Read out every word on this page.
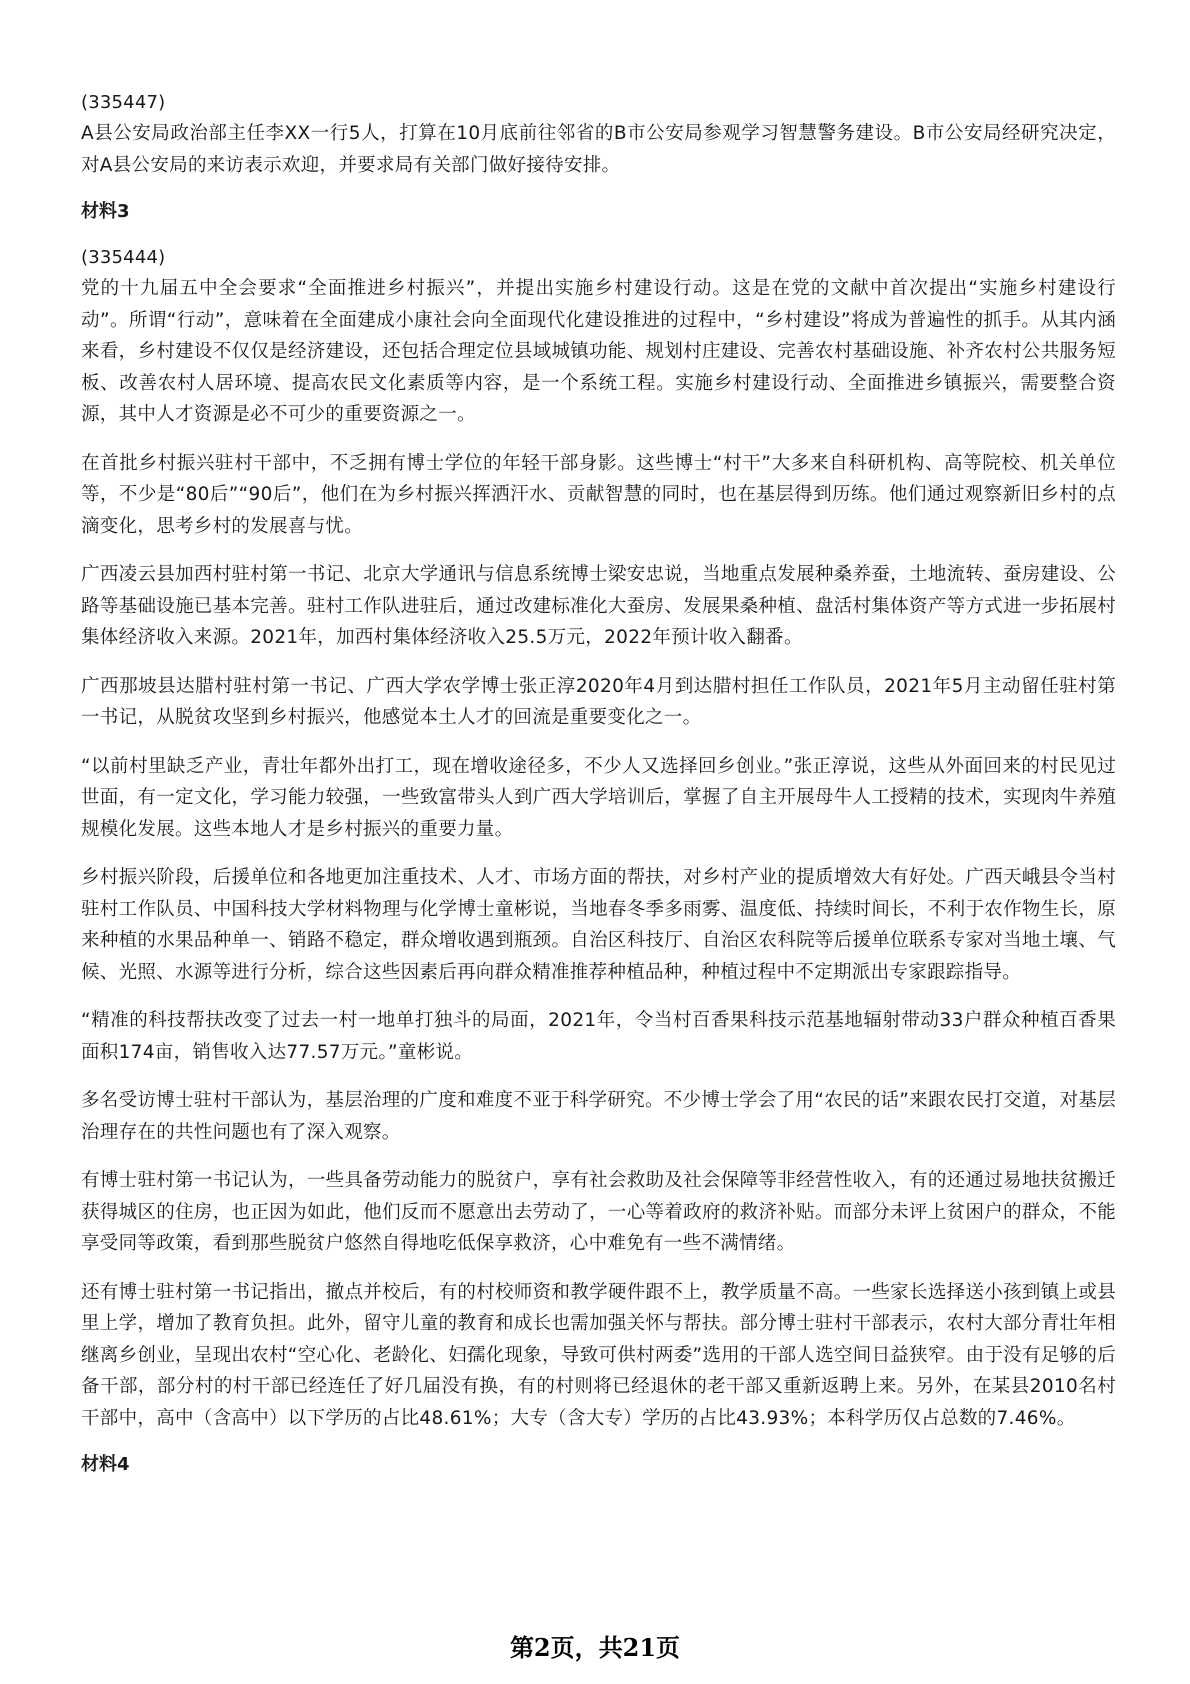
(335447)

A县公安局政治部主任李XX一行5人，打算在10月底前往邻省的B市公安局参观学习智慧警务建设。B市公安局经研究决定，对A县公安局的来访表示欢迎，并要求局有关部门做好接待安排。

材料3

(335444)

党的十九届五中全会要求“全面推进乡村振兴”，并提出实施乡村建设行动。这是在党的文献中首次提出“实施乡村建设行动”。所谓“行动”，意味着在全面建成小康社会向全面现代化建设推进的过程中，“乡村建设”将成为普遍性的抓手。从其内涵来看，乡村建设不仅仅是经济建设，还包括合理定位县域城镇功能、规划村庄建设、完善农村基础设施、补齐农村公共服务短板、改善农村人居环境、提高农民文化素质等内容，是一个系统工程。实施乡村建设行动、全面推进乡镇振兴，需要整合资源，其中人才资源是必不可少的重要资源之一。

在首批乡村振兴驻村干部中，不乏拥有博士学位的年轻干部身影。这些博士“村干”大多来自科研机构、高等院校、机关单位等，不少是“80后”“90后”，他们在为乡村振兴挥洒汗水、贡献智慧的同时，也在基层得到历练。他们通过观察新旧乡村的点滴变化，思考乡村的发展喜与忧。

广西凌云县加西村驻村第一书记、北京大学通讯与信息系统博士梁安忠说，当地重点发展种桑养蚕，土地流转、蚕房建设、公路等基础设施已基本完善。驻村工作队进驻后，通过改建标准化大蚕房、发展果桑种植、盘活村集体资产等方式进一步拓展村集体经济收入来源。2021年，加西村集体经济收入25.5万元，2022年预计收入翻番。

广西那坡县达腊村驻村第一书记、广西大学农学博士张正淳2020年4月到达腊村担任工作队员，2021年5月主动留任驻村第一书记，从脱贫攻坚到乡村振兴，他感觉本土人才的回流是重要变化之一。

“以前村里缺乏产业，青壮年都外出打工，现在增收途径多，不少人又选择回乡创业。”张正淳说，这些从外面回来的村民见过世面，有一定文化，学习能力较强，一些致富带头人到广西大学培训后，掌握了自主开展母牛人工授精的技术，实现肉牛养殖规模化发展。这些本地人才是乡村振兴的重要力量。

乡村振兴阶段，后援单位和各地更加注重技术、人才、市场方面的帮扶，对乡村产业的提质增效大有好处。广西天峨县令当村驻村工作队员、中国科技大学材料物理与化学博士童彬说，当地春冬季多雨雾、温度低、持续时间长，不利于农作物生长，原来种植的水果品种单一、销路不稳定，群众增收遇到瓶颈。自治区科技厅、自治区农科院等后援单位联系专家对当地土壤、气候、光照、水源等进行分析，综合这些因素后再向群众精准推荐种植品种，种植过程中不定期派出专家跟踪指导。

“精准的科技帮扶改变了过去一村一地单打独斗的局面，2021年，令当村百香果科技示范基地辐射带动33户群众种植百香果面积174亩，销售收入达77.57万元。”童彬说。

多名受访博士驻村干部认为，基层治理的广度和难度不亚于科学研究。不少博士学会了用“农民的话”来跟农民打交道，对基层治理存在的共性问题也有了深入观察。

有博士驻村第一书记认为，一些具备劳动能力的脱贫户，享有社会救助及社会保障等非经营性收入，有的还通过易地扶贫搬迁获得城区的住房，也正因为如此，他们反而不愿意出去劳动了，一心等着政府的救济补贴。而部分未评上贫困户的群众，不能享受同等政策，看到那些脱贫户悠然自得地吃低保享救济，心中难免有一些不满情绪。

还有博士驻村第一书记指出，撤点并校后，有的村校师资和教学硬件跟不上，教学质量不高。一些家长选择送小孩到镇上或县里上学，增加了教育负担。此外，留守儿童的教育和成长也需加强关怀与帮扶。部分博士驻村干部表示，农村大部分青壮年相继离乡创业，呈现出农村“空心化、老龄化、妇孺化现象，导致可供村两委”选用的干部人选空间日益狭窄。由于没有足够的后备干部，部分村的村干部已经连任了好几届没有换，有的村则将已经退休的老干部又重新返聘上来。另外，在某县2010名村干部中，高中（含高中）以下学历的占比48.61%；大专（含大专）学历的占比43.93%；本科学历仅占总数的7.46%。

材料4
第2页，共21页
